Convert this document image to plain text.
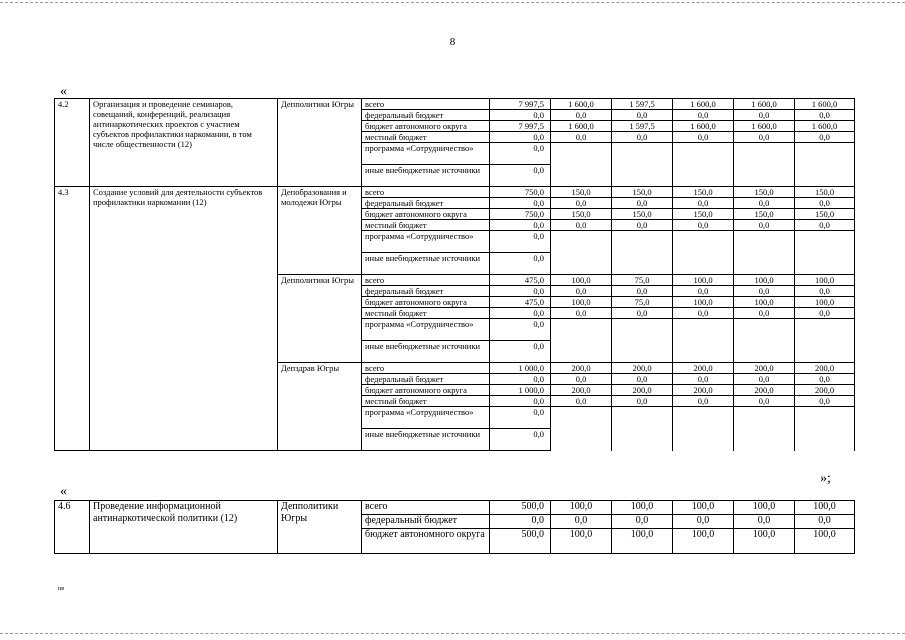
8
«
4.2	Организация и проведение семинаров, совещаний, конференций, реализация антинаркотических проектов с участием субъектов профилактики наркомании, в том числе общественности (12)	Депполитики Югры	всего	7 997,5	1 600,0	1 597,5	1 600,0	1 600,0	1 600,0
			федеральный бюджет	0,0	0,0	0,0	0,0	0,0	0,0
			бюджет автономного округа	7 997,5	1 600,0	1 597,5	1 600,0	1 600,0	1 600,0
			местный бюджет	0,0	0,0	0,0	0,0	0,0	0,0
			программа «Сотрудничество»	0,0					
			иные внебюджетные источники	0,0					
4.3	Создание условий для деятельности субъектов профилактики наркомании (12)	Депобразования и молодежи Югры	всего	750,0	150,0	150,0	150,0	150,0	150,0
			федеральный бюджет	0,0	0,0	0,0	0,0	0,0	0,0
			бюджет автономного округа	750,0	150,0	150,0	150,0	150,0	150,0
			местный бюджет	0,0	0,0	0,0	0,0	0,0	0,0
			программа «Сотрудничество»	0,0					
			иные внебюджетные источники	0,0					
		Депполитики Югры	всего	475,0	100,0	75,0	100,0	100,0	100,0
			федеральный бюджет	0,0	0,0	0,0	0,0	0,0	0,0
			бюджет автономного округа	475,0	100,0	75,0	100,0	100,0	100,0
			местный бюджет	0,0	0,0	0,0	0,0	0,0	0,0
			программа «Сотрудничество»	0,0					
			иные внебюджетные источники	0,0					
		Депздрав Югры	всего	1 000,0	200,0	200,0	200,0	200,0	200,0
			федеральный бюджет	0,0	0,0	0,0	0,0	0,0	0,0
			бюджет автономного округа	1 000,0	200,0	200,0	200,0	200,0	200,0
			местный бюджет	0,0	0,0	0,0	0,0	0,0	0,0
			программа «Сотрудничество»	0,0					
			иные внебюджетные источники	0,0					
»;
«
4.6	Проведение информационной антинаркотической политики (12)	Депполитики Югры	всего	500,0	100,0	100,0	100,0	100,0	100,0
			федеральный бюджет	0,0	0,0	0,0	0,0	0,0	0,0
			бюджет автономного округа	500,0	100,0	100,0	100,0	100,0	100,0
пв
